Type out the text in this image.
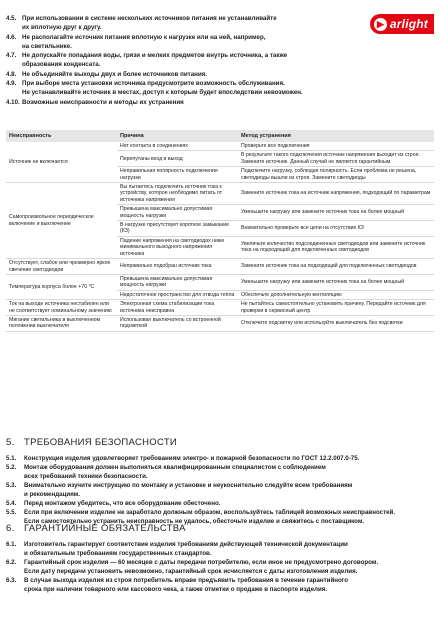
▶ arlight
4.5. При использовании в системе нескольких источников питания не устанавливайте
их вплотную друг к другу.
4.6. Не располагайте источник питания вплотную к нагрузке или на ней, например,
на светильнике.
4.7. Не допускайте попадания воды, грязи и мелких предметов внутрь источника, а также
образования конденсата.
4.8. Не объединяйте выходы двух и более источников питания.
4.9. При выборе места установки источника предусмотрите возможность обслуживания.
Не устанавливайте источник в местах, доступ к которым будет впоследствии невозможен.
4.10. Возможные неисправности и методы их устранения
Неисправность	Причина	Метод устранения
Источник не включается	Нет контакта в соединениях	Проверьте все подключения
	Перепутаны вход и выход	В результате такого подключения источник напряжения выходит из строя. Замените источник. Данный случай не является гарантийным
	Неправильная полярность подключения нагрузки	Подключите нагрузку, соблюдая полярность. Если проблема не решена, светодиоды вышли из строя. Замените светодиоды
Самопроизвольное периодическое включение и выключение	Вы пытаетесь подключить источник тока к устройству, которое необходимо питать от источника напряжения	Замените источник тока на источник напряжения, подходящий по параметрам
	Превышена максимально допустимая мощность нагрузки	Уменьшите нагрузку или замените источник тока на более мощный
	В нагрузке присутствует короткое замыкание (КЗ)	Внимательно проверьте все цепи на отсутствие КЗ
	Падение напряжения на светодиодах ниже минимального выходного напряжения источника	Увеличьте количество подсоединенных светодиодов или замените источник тока на подходящий для подключенных светодиодов
Отсутствует, слабое или чрезмерно яркое свечение светодиодов	Неправильно подобран источник тока	Замените источник тока на подходящий для подключенных светодиодов
Температура корпуса более +70 °C	Превышена максимально допустимая мощность нагрузки	Уменьшите нагрузку или замените источник тока на более мощный
	Недостаточное пространство для отвода тепла	Обеспечьте дополнительную вентиляцию
Ток на выходе источника нестабилен или не соответствует номинальному значению	Электронная схема стабилизации тока источника неисправна	Не пытайтесь самостоятельно установить причину. Передайте источник для проверки в сервисный центр
Мигание светильника в выключенном положении выключателя	Использован выключатель со встроенной подсветкой	Отключите подсветку или используйте выключатель без подсветки
5. ТРЕБОВАНИЯ БЕЗОПАСНОСТИ
5.1.	Конструкция изделия удовлетворяет требованиям электро- и пожарной безопасности по ГОСТ 12.2.007.0-75.
5.2.	Монтаж оборудования должен выполняться квалифицированным специалистом с соблюдением
всех требований техники безопасности.
5.3.	Внимательно изучите инструкцию по монтажу и установке и неукоснительно следуйте всем требованиям
и рекомендациям.
5.4.	Перед монтажом убедитесь, что все оборудование обесточено.
5.5.	Если при включении изделие не заработало должным образом, воспользуйтесь таблицей возможных неисправностей.
Если самостоятельно устранить неисправность не удалось, обесточьте изделие и свяжитесь с поставщиком.
6. ГАРАНТИЙНЫЕ ОБЯЗАТЕЛЬСТВА
6.1.	Изготовитель гарантирует соответствие изделия требованиям действующей технической документации
и обязательным требованиям государственных стандартов.
6.2.	Гарантийный срок изделия — 60 месяцев с даты передачи потребителю, если иное не предусмотрено договором.
Если дату передачи установить невозможно, гарантийный срок исчисляется с даты изготовления изделия.
6.3.	В случае выхода изделия из строя потребитель вправе предъявить требования в течение гарантийного
срока при наличии товарного или кассового чека, а также отметки о продаже в паспорте изделия.
